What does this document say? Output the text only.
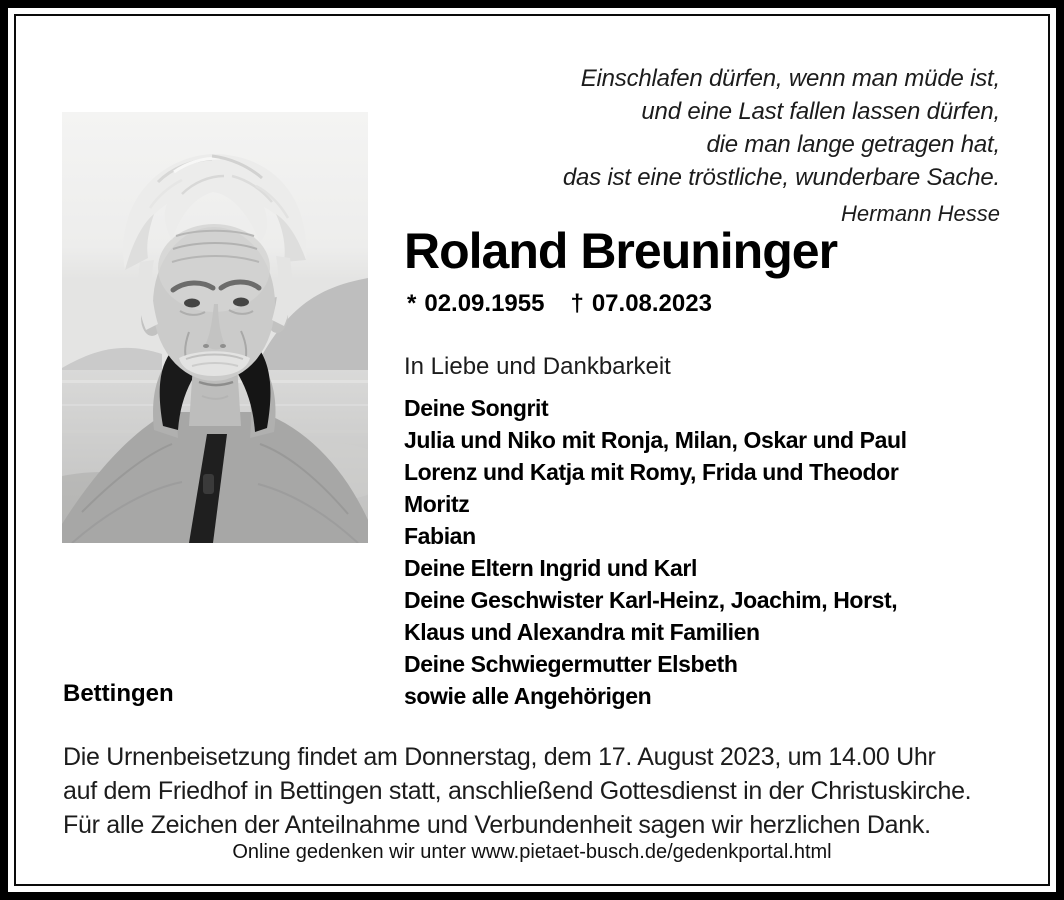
Einschlafen dürfen, wenn man müde ist,
und eine Last fallen lassen dürfen,
die man lange getragen hat,
das ist eine tröstliche, wunderbare Sache.
Hermann Hesse
Roland Breuninger
* 02.09.1955 † 07.08.2023
In Liebe und Dankbarkeit
Deine Songrit
Julia und Niko mit Ronja, Milan, Oskar und Paul
Lorenz und Katja mit Romy, Frida und Theodor
Moritz
Fabian
Deine Eltern Ingrid und Karl
Deine Geschwister Karl-Heinz, Joachim, Horst,
Klaus und Alexandra mit Familien
Deine Schwiegermutter Elsbeth
sowie alle Angehörigen
Bettingen
Die Urnenbeisetzung findet am Donnerstag, dem 17. August 2023, um 14.00 Uhr
auf dem Friedhof in Bettingen statt, anschließend Gottesdienst in der Christuskirche.
Für alle Zeichen der Anteilnahme und Verbundenheit sagen wir herzlichen Dank.
Online gedenken wir unter www.pietaet-busch.de/gedenkportal.html
